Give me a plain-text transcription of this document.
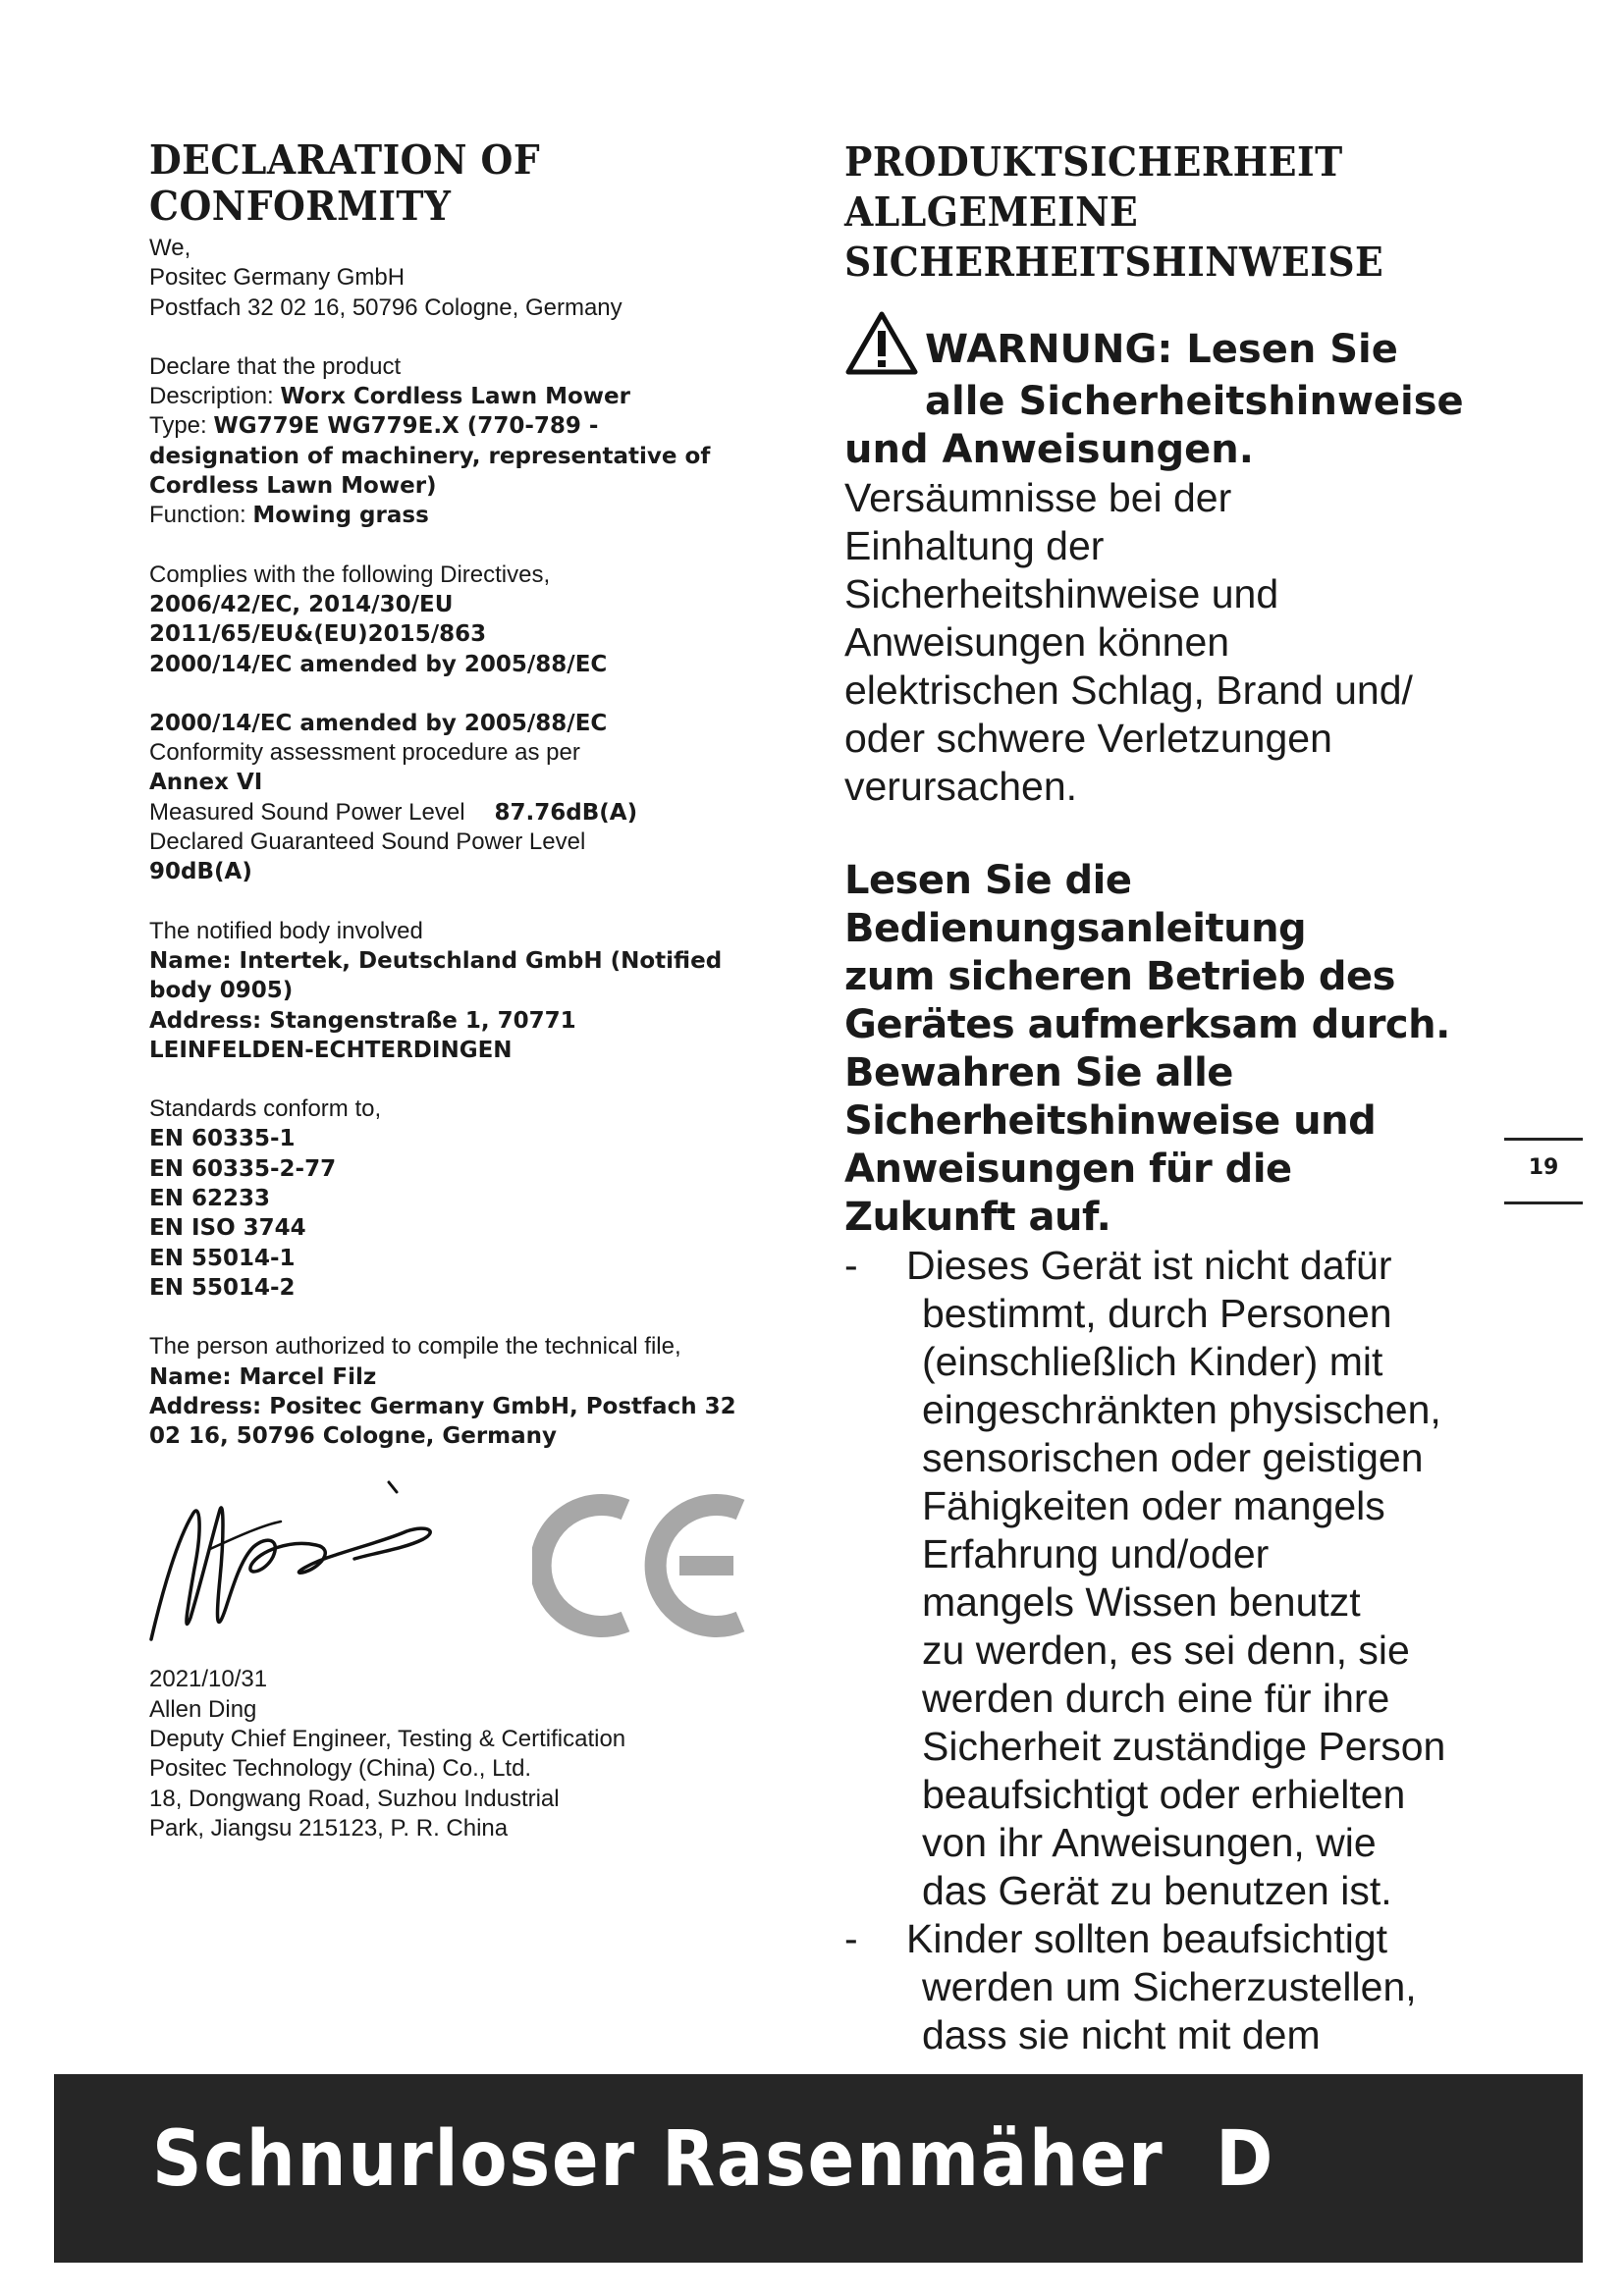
DECLARATION OF
CONFORMITY
We,
Positec Germany GmbH
Postfach 32 02 16, 50796 Cologne, Germany
Declare that the product
Description: Worx Cordless Lawn Mower
Type: WG779E WG779E.X (770-789 -
designation of machinery, representative of
Cordless Lawn Mower)
Function: Mowing grass
Complies with the following Directives,
2006/42/EC, 2014/30/EU
2011/65/EU&(EU)2015/863
2000/14/EC amended by 2005/88/EC
2000/14/EC amended by 2005/88/EC
Conformity assessment procedure as per
Annex VI
Measured Sound Power Level 87.76dB(A)
Declared Guaranteed Sound Power Level
90dB(A)
The notified body involved
Name: Intertek, Deutschland GmbH (Notified
body 0905)
Address: Stangenstraße 1, 70771
LEINFELDEN-ECHTERDINGEN
Standards conform to,
EN 60335-1
EN 60335-2-77
EN 62233
EN ISO 3744
EN 55014-1
EN 55014-2
The person authorized to compile the technical file,
Name: Marcel Filz
Address: Positec Germany GmbH, Postfach 32
02 16, 50796 Cologne, Germany
2021/10/31
Allen Ding
Deputy Chief Engineer, Testing & Certification
Positec Technology (China) Co., Ltd.
18, Dongwang Road, Suzhou Industrial
Park, Jiangsu 215123, P. R. China
PRODUKTSICHERHEIT
ALLGEMEINE
SICHERHEITSHINWEISE
WARNUNG: Lesen Sie
alle Sicherheitshinweise
und Anweisungen.
Versäumnisse bei der
Einhaltung der
Sicherheitshinweise und
Anweisungen können
elektrischen Schlag, Brand und/
oder schwere Verletzungen
verursachen.
Lesen Sie die
Bedienungsanleitung
zum sicheren Betrieb des
Gerätes aufmerksam durch.
Bewahren Sie alle
Sicherheitshinweise und
Anweisungen für die
Zukunft auf.
- Dieses Gerät ist nicht dafür
bestimmt, durch Personen
(einschließlich Kinder) mit
eingeschränkten physischen,
sensorischen oder geistigen
Fähigkeiten oder mangels
Erfahrung und/oder
mangels Wissen benutzt
zu werden, es sei denn, sie
werden durch eine für ihre
Sicherheit zuständige Person
beaufsichtigt oder erhielten
von ihr Anweisungen, wie
das Gerät zu benutzen ist.
- Kinder sollten beaufsichtigt
werden um Sicherzustellen,
dass sie nicht mit dem
19
Schnurloser Rasenmäher  D
